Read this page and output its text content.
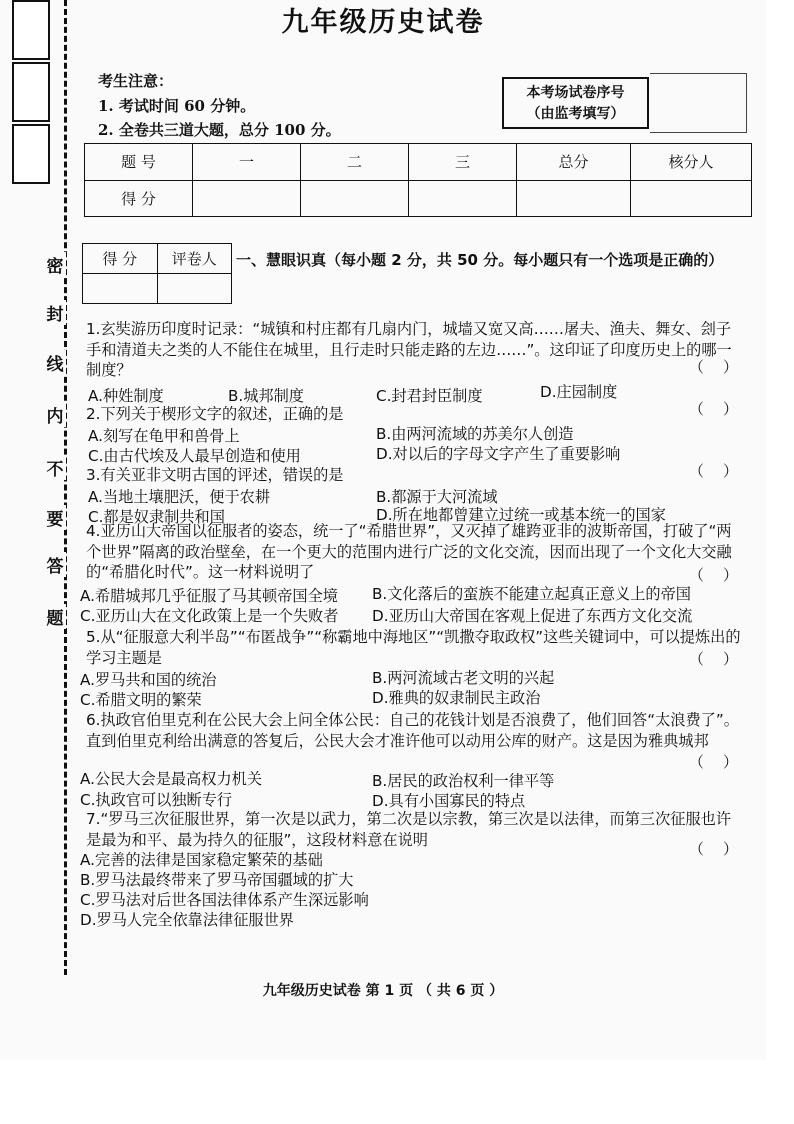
密
封
线
内
不
要
答
题
九年级历史试卷
考生注意：
1. 考试时间 60 分钟。
2. 全卷共三道大题，总分 100 分。
本考场试卷序号
（由监考填写）
题 号	一	二	三	总分	核分人
得 分					
得 分	评卷人
	一、慧眼识真（每小题 2 分，共 50 分。每小题只有一个选项是正确的）
1.玄奘游历印度时记录：“城镇和村庄都有几扇内门，城墙又宽又高……屠夫、渔夫、舞女、刽子手和清道夫之类的人不能住在城里，且行走时只能走路的左边……”。这印证了印度历史上的哪一制度？	（    ）
A.种姓制度	B.城邦制度	C.封君封臣制度	D.庄园制度
2.下列关于楔形文字的叙述，正确的是	（    ）
A.刻写在龟甲和兽骨上	B.由两河流域的苏美尔人创造
C.由古代埃及人最早创造和使用	D.对以后的字母文字产生了重要影响
3.有关亚非文明古国的评述，错误的是	（    ）
A.当地土壤肥沃，便于农耕	B.都源于大河流域
C.都是奴隶制共和国	D.所在地都曾建立过统一或基本统一的国家
4.亚历山大帝国以征服者的姿态，统一了“希腊世界”，又灭掉了雄跨亚非的波斯帝国，打破了“两个世界”隔离的政治壁垒，在一个更大的范围内进行广泛的文化交流，因而出现了一个文化大交融的“希腊化时代”。这一材料说明了	（    ）
A.希腊城邦几乎征服了马其顿帝国全境 B.文化落后的蛮族不能建立起真正意义上的帝国
C.亚历山大在文化政策上是一个失败者 D.亚历山大帝国在客观上促进了东西方文化交流
5.从“征服意大利半岛”“布匿战争”“称霸地中海地区”“凯撒夺取政权”这些关键词中，可以提炼出的学习主题是	（    ）
A.罗马共和国的统治	B.两河流域古老文明的兴起
C.希腊文明的繁荣	D.雅典的奴隶制民主政治
6.执政官伯里克利在公民大会上问全体公民：自己的花钱计划是否浪费了，他们回答“太浪费了”。直到伯里克利给出满意的答复后，公民大会才准许他可以动用公库的财产。这是因为雅典城邦
（    ）
A.公民大会是最高权力机关	B.居民的政治权利一律平等
C.执政官可以独断专行	D.具有小国寡民的特点
7.“罗马三次征服世界，第一次是以武力，第二次是以宗教，第三次是以法律，而第三次征服也许是最为和平、最为持久的征服”，这段材料意在说明
（    ）
A.完善的法律是国家稳定繁荣的基础
B.罗马法最终带来了罗马帝国疆域的扩大
C.罗马法对后世各国法律体系产生深远影响
D.罗马人完全依靠法律征服世界
九年级历史试卷 第 1 页 （ 共 6 页 ）
